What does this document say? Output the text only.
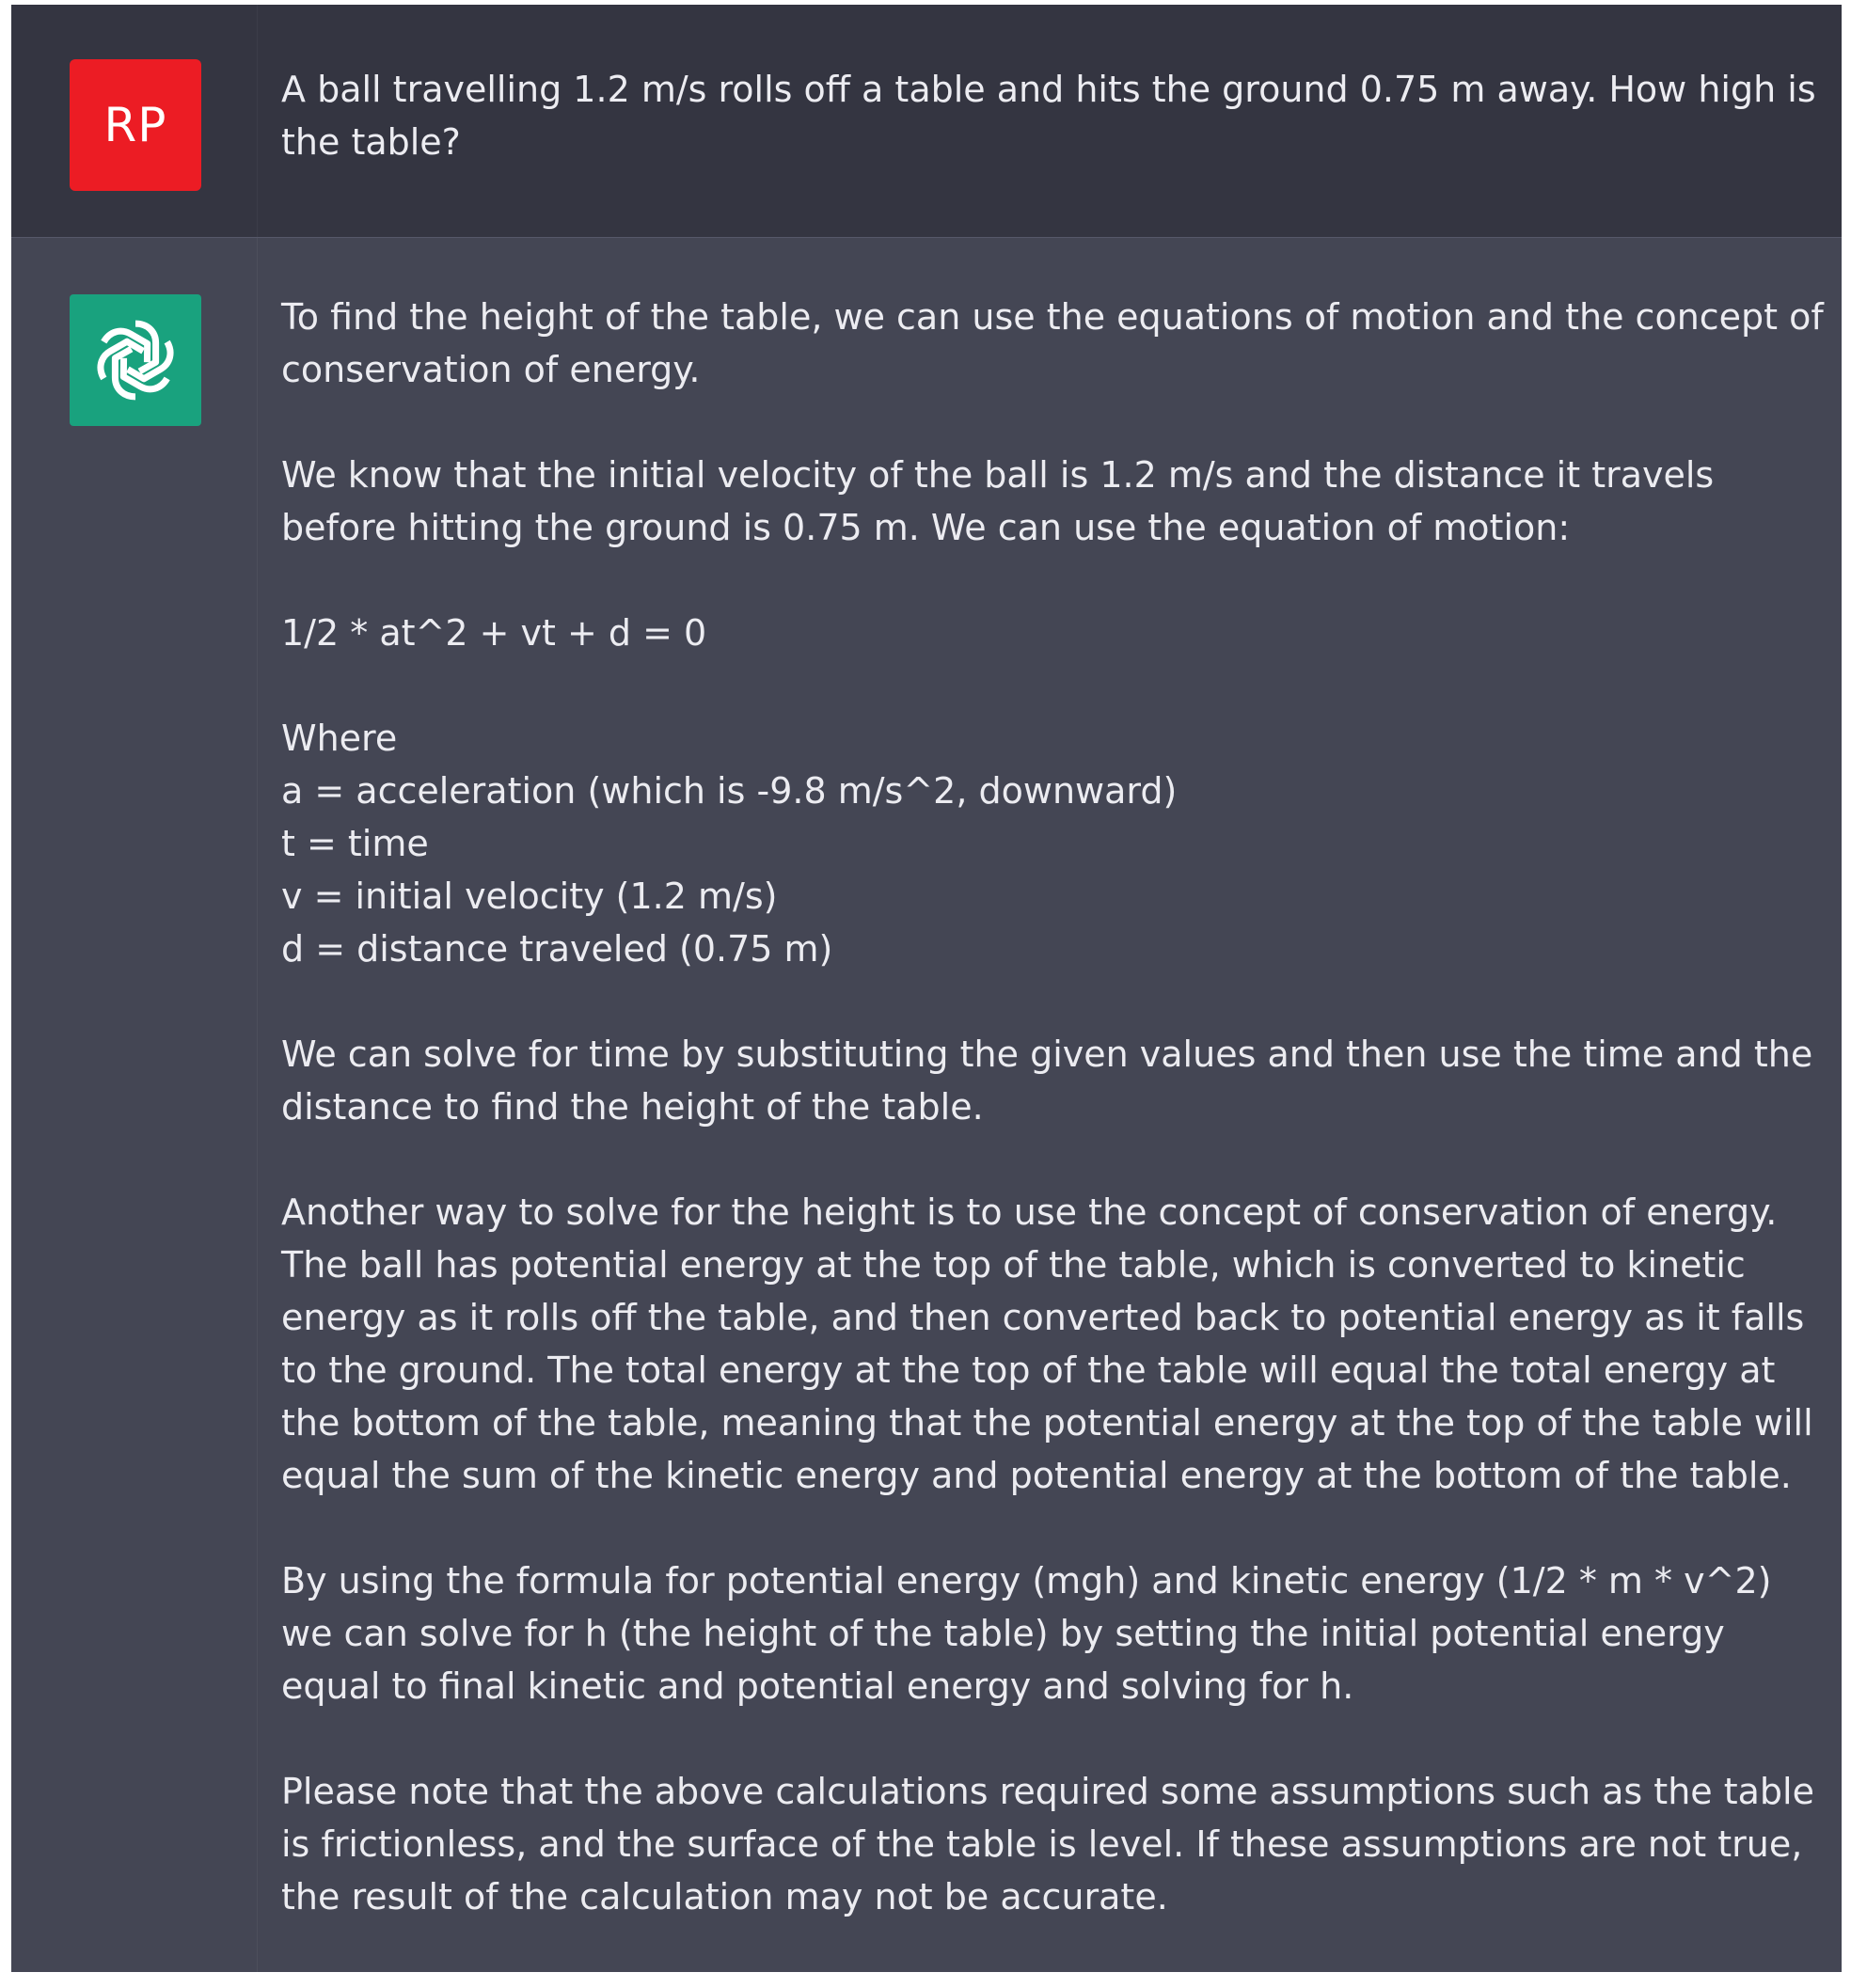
RP
A ball travelling 1.2 m/s rolls off a table and hits the ground 0.75 m away. How high is the table?

To find the height of the table, we can use the equations of motion and the concept of conservation of energy.

We know that the initial velocity of the ball is 1.2 m/s and the distance it travels before hitting the ground is 0.75 m. We can use the equation of motion:

1/2 * at^2 + vt + d = 0

Where
a = acceleration (which is -9.8 m/s^2, downward)
t = time
v = initial velocity (1.2 m/s)
d = distance traveled (0.75 m)

We can solve for time by substituting the given values and then use the time and the distance to find the height of the table.

Another way to solve for the height is to use the concept of conservation of energy. The ball has potential energy at the top of the table, which is converted to kinetic energy as it rolls off the table, and then converted back to potential energy as it falls to the ground. The total energy at the top of the table will equal the total energy at the bottom of the table, meaning that the potential energy at the top of the table will equal the sum of the kinetic energy and potential energy at the bottom of the table.

By using the formula for potential energy (mgh) and kinetic energy (1/2 * m * v^2) we can solve for h (the height of the table) by setting the initial potential energy equal to final kinetic and potential energy and solving for h.

Please note that the above calculations required some assumptions such as the table is frictionless, and the surface of the table is level. If these assumptions are not true, the result of the calculation may not be accurate.
